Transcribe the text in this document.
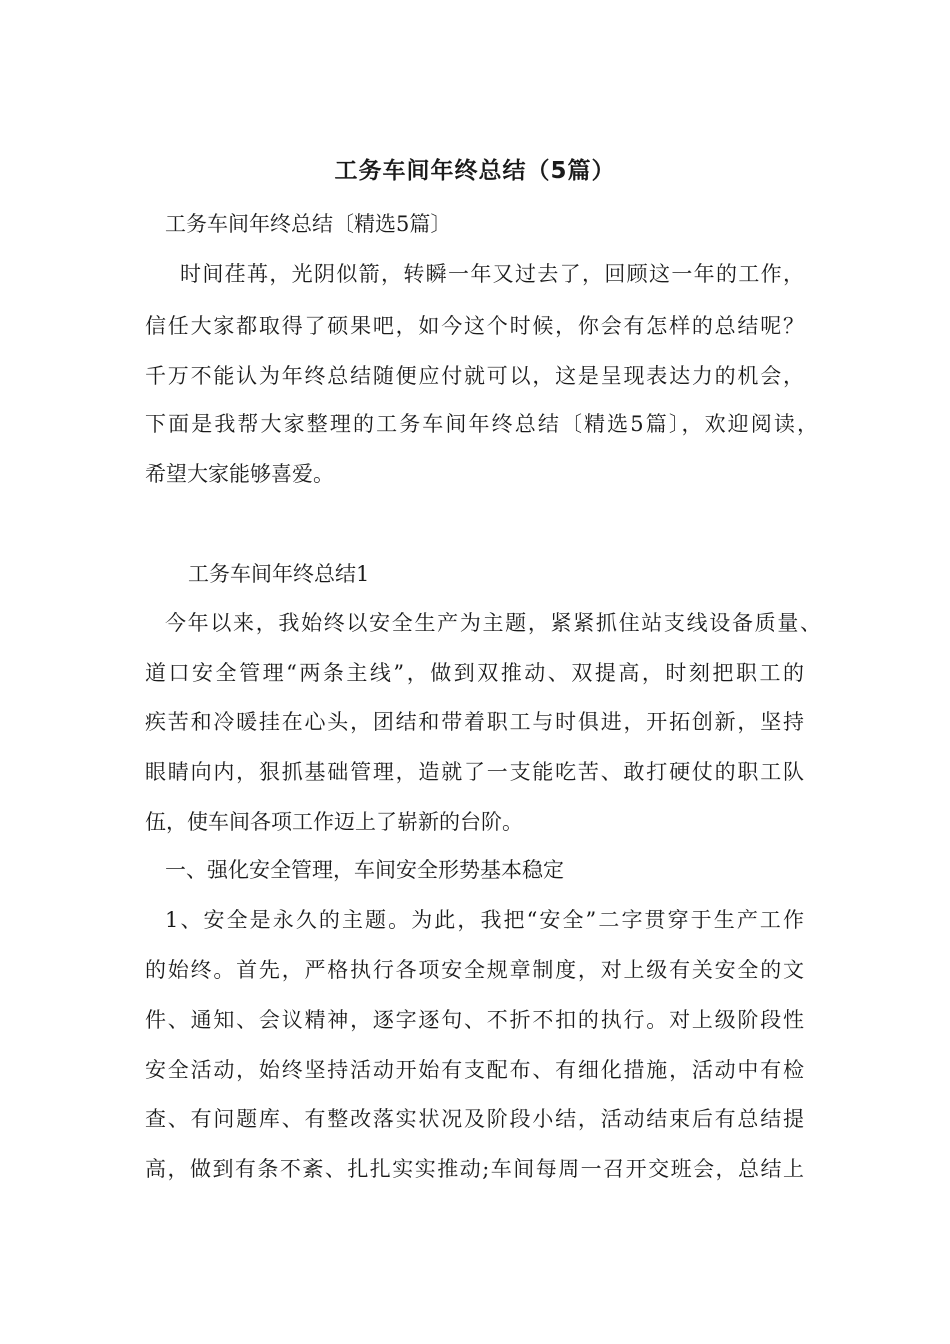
工务车间年终总结（5篇）
工务车间年终总结〔精选5篇〕
时间荏苒，光阴似箭，转瞬一年又过去了，回顾这一年的工作，
信任大家都取得了硕果吧，如今这个时候，你会有怎样的总结呢？
千万不能认为年终总结随便应付就可以，这是呈现表达力的机会，
下面是我帮大家整理的工务车间年终总结〔精选5篇〕，欢迎阅读，
希望大家能够喜爱。
工务车间年终总结1
今年以来，我始终以安全生产为主题，紧紧抓住站支线设备质量、
道口安全管理“两条主线”，做到双推动、双提高，时刻把职工的
疾苦和冷暖挂在心头，团结和带着职工与时俱进，开拓创新，坚持
眼睛向内，狠抓基础管理，造就了一支能吃苦、敢打硬仗的职工队
伍，使车间各项工作迈上了崭新的台阶。
一、强化安全管理，车间安全形势基本稳定
1、安全是永久的主题。为此，我把“安全”二字贯穿于生产工作
的始终。首先，严格执行各项安全规章制度，对上级有关安全的文
件、通知、会议精神，逐字逐句、不折不扣的执行。对上级阶段性
安全活动，始终坚持活动开始有支配布、有细化措施，活动中有检
查、有问题库、有整改落实状况及阶段小结，活动结束后有总结提
高，做到有条不紊、扎扎实实推动;车间每周一召开交班会，总结上
